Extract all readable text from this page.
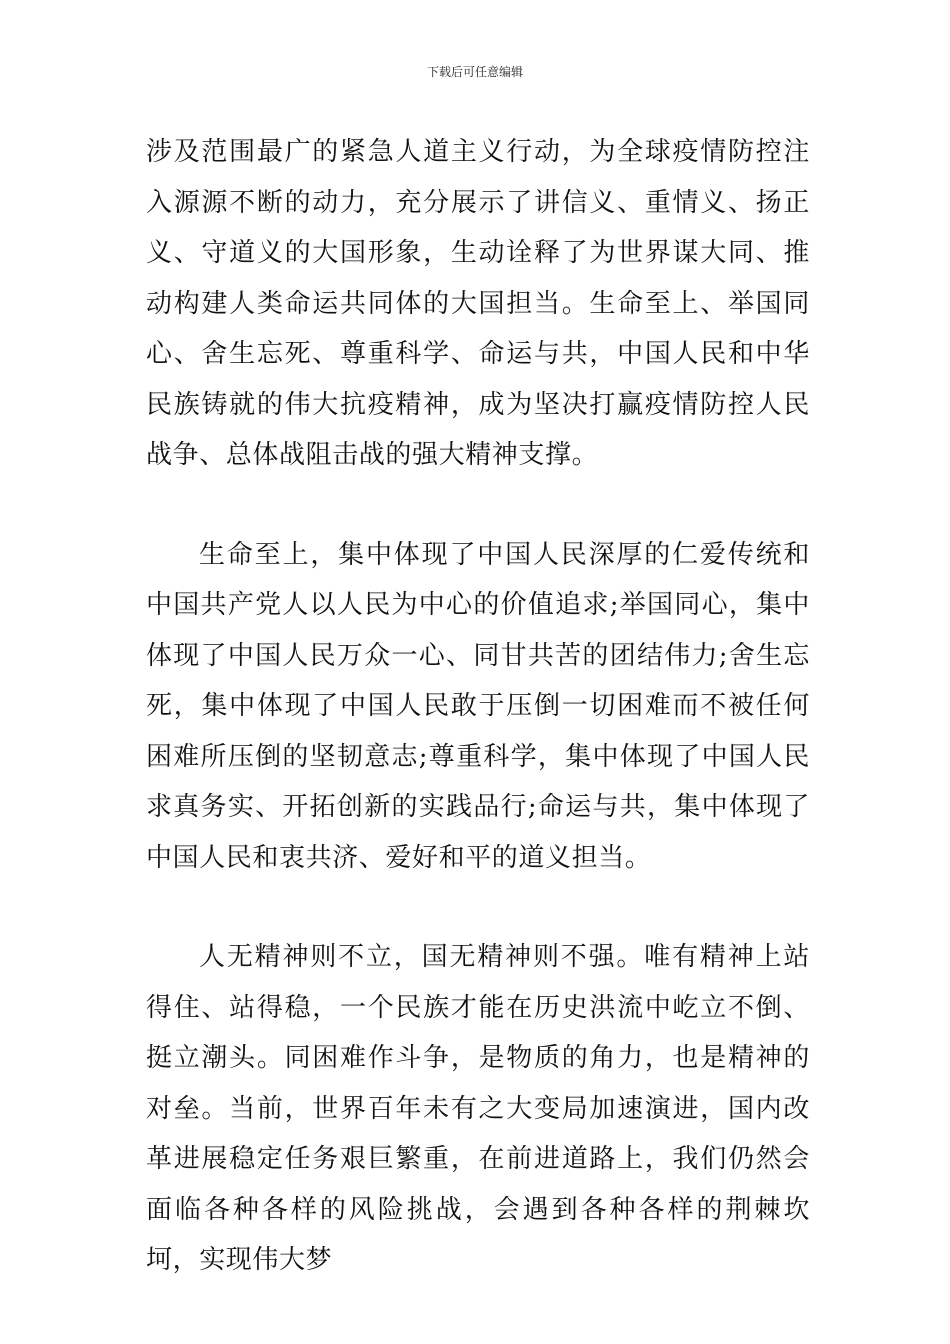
下载后可任意编辑

涉及范围最广的紧急人道主义行动，为全球疫情防控注入源源不断的动力，充分展示了讲信义、重情义、扬正义、守道义的大国形象，生动诠释了为世界谋大同、推动构建人类命运共同体的大国担当。生命至上、举国同心、舍生忘死、尊重科学、命运与共，中国人民和中华民族铸就的伟大抗疫精神，成为坚决打赢疫情防控人民战争、总体战阻击战的强大精神支撑。

生命至上，集中体现了中国人民深厚的仁爱传统和中国共产党人以人民为中心的价值追求;举国同心，集中体现了中国人民万众一心、同甘共苦的团结伟力;舍生忘死，集中体现了中国人民敢于压倒一切困难而不被任何困难所压倒的坚韧意志;尊重科学，集中体现了中国人民求真务实、开拓创新的实践品行;命运与共，集中体现了中国人民和衷共济、爱好和平的道义担当。

人无精神则不立，国无精神则不强。唯有精神上站得住、站得稳，一个民族才能在历史洪流中屹立不倒、挺立潮头。同困难作斗争，是物质的角力，也是精神的对垒。当前，世界百年未有之大变局加速演进，国内改革进展稳定任务艰巨繁重，在前进道路上，我们仍然会面临各种各样的风险挑战，会遇到各种各样的荆棘坎坷，实现伟大梦
